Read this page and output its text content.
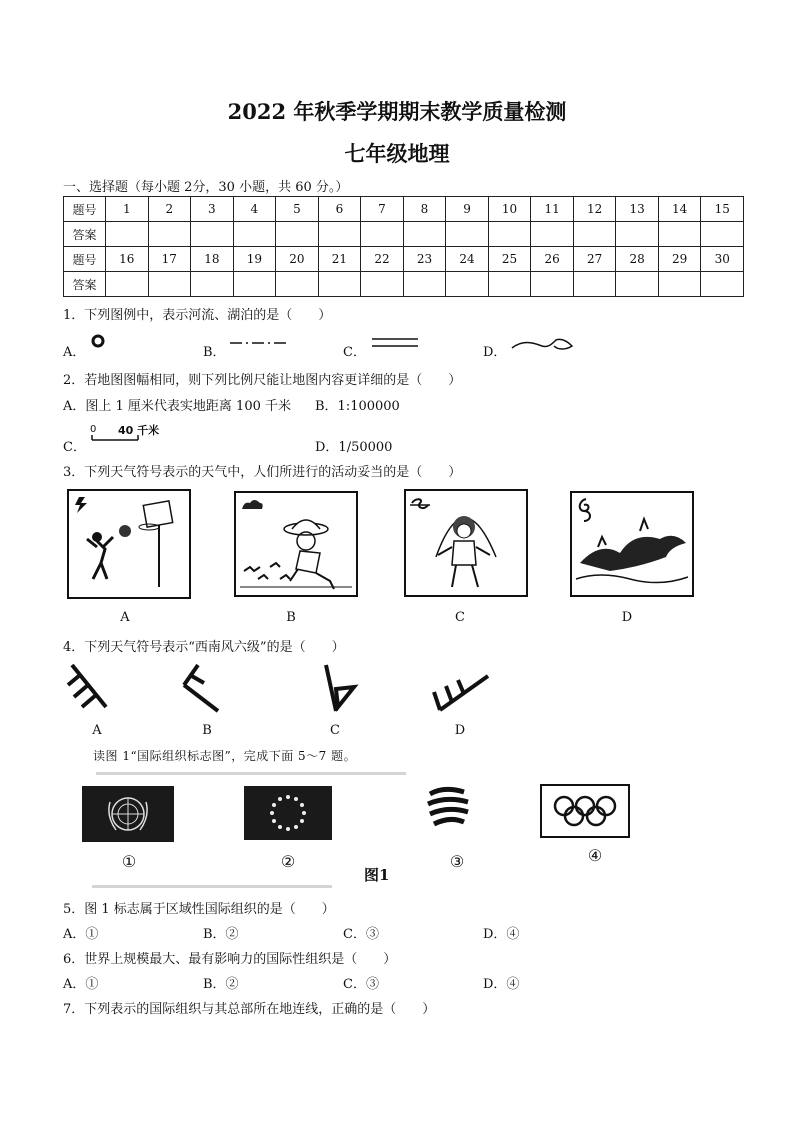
2022 年秋季学期期末教学质量检测
七年级地理
一、选择题（每小题 2分，30 小题，共 60 分。）
题号	1	2	3	4	5	6	7	8	9	10	11	12	13	14	15
答案															
题号	16	17	18	19	20	21	22	23	24	25	26	27	28	29	30
答案															
1．下列图例中，表示河流、湖泊的是（　　）
A．	B．	C．	D．
2．若地图图幅相同，则下列比例尺能让地图内容更详细的是（　　）
A．图上 1 厘米代表实地距离 100 千米 B．1:100000
C．
0 40 千米
D．1/50000
3．下列天气符号表示的天气中，人们所进行的活动妥当的是（　　）
A	B	C	D
4．下列天气符号表示“西南风六级”的是（　　）
A	B	C	D
读图 1“国际组织标志图”，完成下面 5～7 题。
①	②	③	④
图1
5．图 1 标志属于区域性国际组织的是（　　）
A．①	B．②	C．③	D．④
6．世界上规模最大、最有影响力的国际性组织是（　　）
A．①	B．②	C．③	D．④
7．下列表示的国际组织与其总部所在地连线，正确的是（　　）
